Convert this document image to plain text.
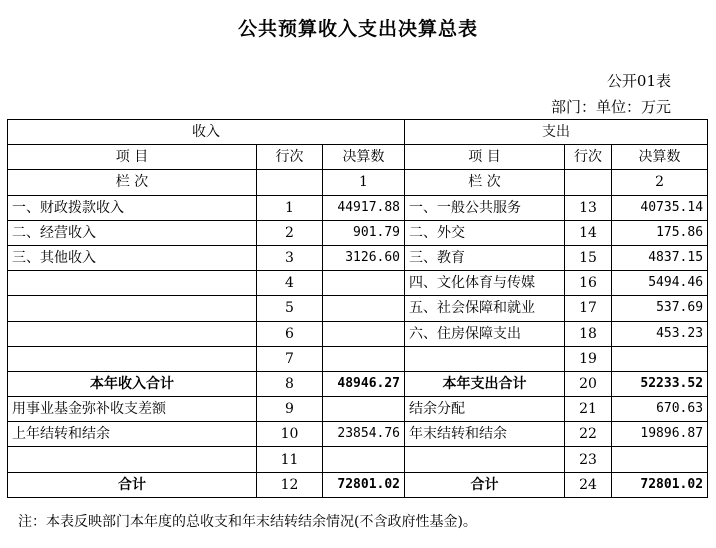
公共预算收入支出决算总表
公开01表
部门：单位：万元
收入			支出		
项 目	行次	决算数	项 目	行次	决算数
栏 次		1	栏 次		2
一、财政拨款收入	1	44917.88	一、一般公共服务	13	40735.14
二、经营收入	2	901.79	二、外交	14	175.86
三、其他收入	3	3126.60	三、教育	15	4837.15
	4		四、文化体育与传媒	16	5494.46
	5		五、社会保障和就业	17	537.69
	6		六、住房保障支出	18	453.23
	7			19	
本年收入合计	8	48946.27	本年支出合计	20	52233.52
用事业基金弥补收支差额	9		结余分配	21	670.63
上年结转和结余	10	23854.76	年末结转和结余	22	19896.87
	11			23	
合计	12	72801.02	合计	24	72801.02
注：本表反映部门本年度的总收支和年末结转结余情况(不含政府性基金)。
